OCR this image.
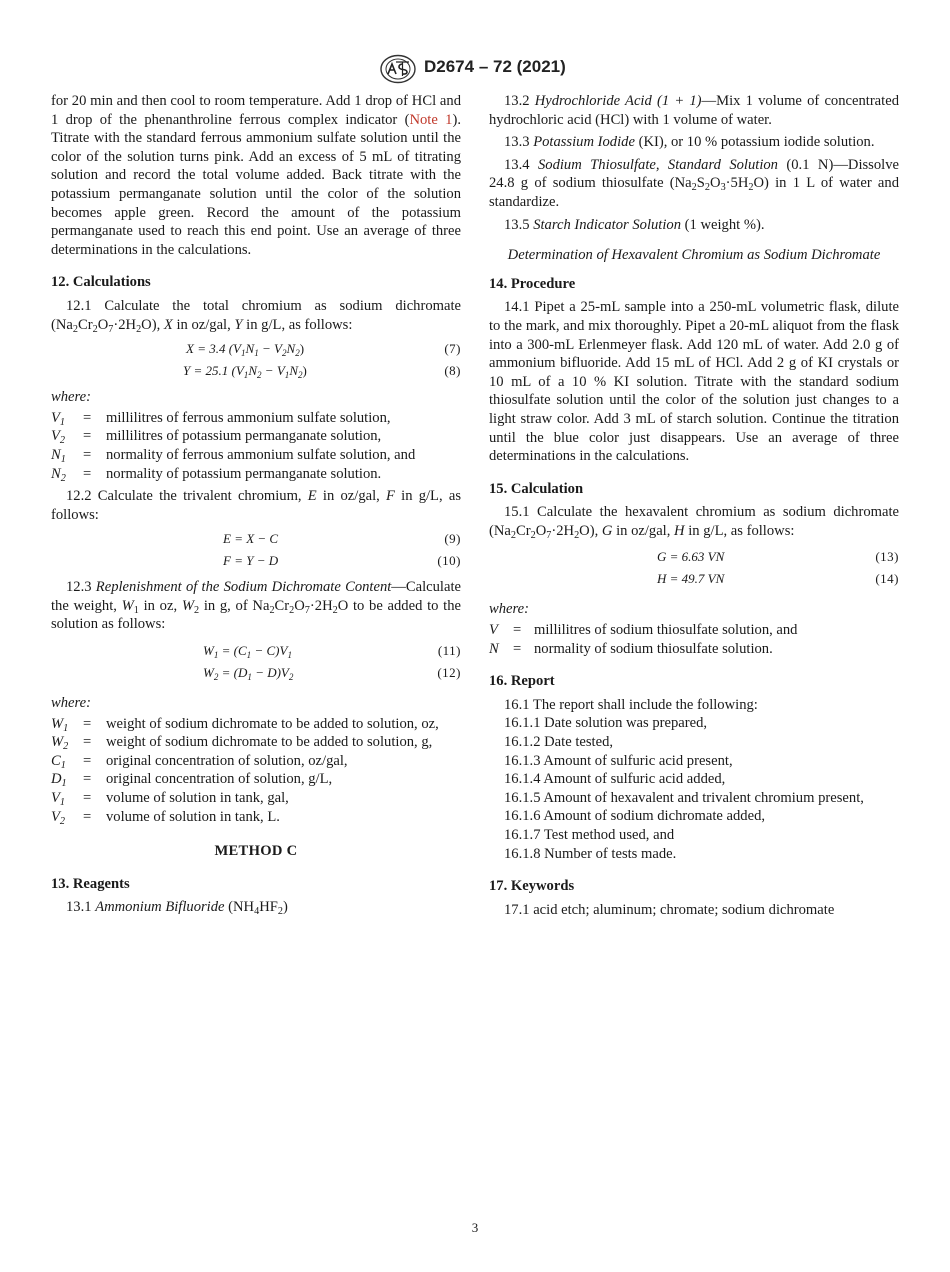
D2674 – 72 (2021)

for 20 min and then cool to room temperature. Add 1 drop of HCl and 1 drop of the phenanthroline ferrous complex indicator (Note 1). Titrate with the standard ferrous ammonium sulfate solution until the color of the solution turns pink. Add an excess of 5 mL of titrating solution and record the total volume added. Back titrate with the potassium permanganate solution until the color of the solution becomes apple green. Record the amount of the potassium permanganate used to reach this end point. Use an average of three determinations in the calculations.

12. Calculations

12.1 Calculate the total chromium as sodium dichromate $(Na_2Cr_2O_7\cdot 2H_2O)$, X in oz/gal, Y in g/L, as follows:

X = 3.4 $(V_1N_1 - V_2N_2)$	(7)
Y = 25.1 $(V_1N_2 - V_1N_2)$	(8)
where:
$V_1$ = millilitres of ferrous ammonium sulfate solution,
$V_2$ = millilitres of potassium permanganate solution,
$N_1$ = normality of ferrous ammonium sulfate solution, and
$N_2$ = normality of potassium permanganate solution.

12.2 Calculate the trivalent chromium, E in oz/gal, F in g/L, as follows:

E = X − C	(9)
F = Y − D	(10)

12.3 Replenishment of the Sodium Dichromate Content—Calculate the weight, $W_1$ in oz, $W_2$ in g, of $Na_2Cr_2O_7\cdot 2H_2O$ to be added to the solution as follows:

$W_1 = (C_1 - C)V_1$	(11)
$W_2 = (D_1 - D)V_2$	(12)
where:
$W_1$ = weight of sodium dichromate to be added to solution, oz,
$W_2$ = weight of sodium dichromate to be added to solution, g,
$C_1$ = original concentration of solution, oz/gal,
$D_1$ = original concentration of solution, g/L,
$V_1$ = volume of solution in tank, gal,
$V_2$ = volume of solution in tank, L.
METHOD C
13. Reagents

13.1 Ammonium Bifluoride $(NH_4HF_2)$

13.2 Hydrochloride Acid (1 + 1)—Mix 1 volume of concentrated hydrochloric acid (HCl) with 1 volume of water.

13.3 Potassium Iodide (KI), or 10 % potassium iodide solution.

13.4 Sodium Thiosulfate, Standard Solution (0.1 N)—Dissolve 24.8 g of sodium thiosulfate $(Na_2S_2O_3\cdot 5H_2O)$ in 1 L of water and standardize.

13.5 Starch Indicator Solution (1 weight %).

Determination of Hexavalent Chromium as Sodium Dichromate
14. Procedure

14.1 Pipet a 25-mL sample into a 250-mL volumetric flask, dilute to the mark, and mix thoroughly. Pipet a 20-mL aliquot from the flask into a 300-mL Erlenmeyer flask. Add 120 mL of water. Add 2.0 g of ammonium bifluoride. Add 15 mL of HCl. Add 2 g of KI crystals or 10 mL of a 10 % KI solution. Titrate with the standard sodium thiosulfate solution until the color of the solution just changes to a light straw color. Add 3 mL of starch solution. Continue the titration until the blue color just disappears. Use an average of three determinations in the calculations.

15. Calculation

15.1 Calculate the hexavalent chromium as sodium dichromate $(Na_2Cr_2O_7\cdot 2H_2O)$, G in oz/gal, H in g/L, as follows:

G = 6.63 VN	(13)
H = 49.7 VN	(14)
where:
V = millilitres of sodium thiosulfate solution, and
N = normality of sodium thiosulfate solution.
16. Report

16.1 The report shall include the following:

16.1.1 Date solution was prepared,

16.1.2 Date tested,

16.1.3 Amount of sulfuric acid present,

16.1.4 Amount of sulfuric acid added,

16.1.5 Amount of hexavalent and trivalent chromium present,

16.1.6 Amount of sodium dichromate added,

16.1.7 Test method used, and

16.1.8 Number of tests made.

17. Keywords

17.1 acid etch; aluminum; chromate; sodium dichromate

3
